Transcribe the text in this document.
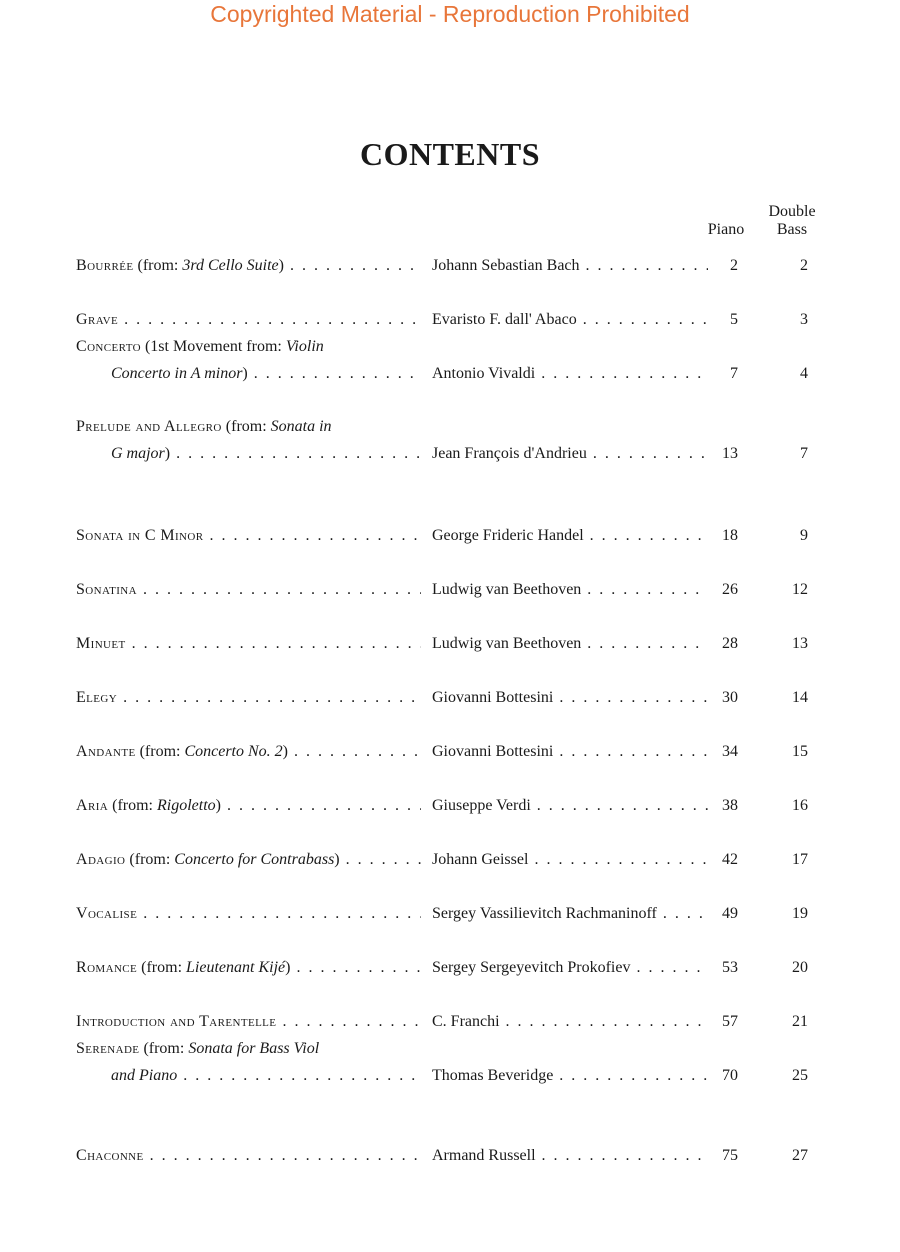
Copyrighted Material - Reproduction Prohibited
CONTENTS
Piano
Double
Bass
Bourrée (from: 3rd Cello Suite) . . .	Johann Sebastian Bach . . .	2	2
Grave . . .	Evaristo F. dall' Abaco . . .	5	3
Concerto (1st Movement from: Violin
Concerto in A minor) . . .	Antonio Vivaldi . . .	7	4
Prelude and Allegro (from: Sonata in
G major) . . .	Jean François d'Andrieu . . .	13	7
Sonata in C Minor . . .	George Frideric Handel . . .	18	9
Sonatina . . .	Ludwig van Beethoven . . .	26	12
Minuet . . .	Ludwig van Beethoven . . .	28	13
Elegy . . .	Giovanni Bottesini . . .	30	14
Andante (from: Concerto No. 2) . . .	Giovanni Bottesini . . .	34	15
Aria (from: Rigoletto) . . .	Giuseppe Verdi . . .	38	16
Adagio (from: Concerto for Contrabass) . . .	Johann Geissel . . .	42	17
Vocalise . . .	Sergey Vassilievitch Rachmaninoff . . .	49	19
Romance (from: Lieutenant Kijé) . . .	Sergey Sergeyevitch Prokofiev . . .	53	20
Introduction and Tarentelle . . .	C. Franchi . . .	57	21
Serenade (from: Sonata for Bass Viol
and Piano . . .	Thomas Beveridge . . .	70	25
Chaconne . . .	Armand Russell . . .	75	27
